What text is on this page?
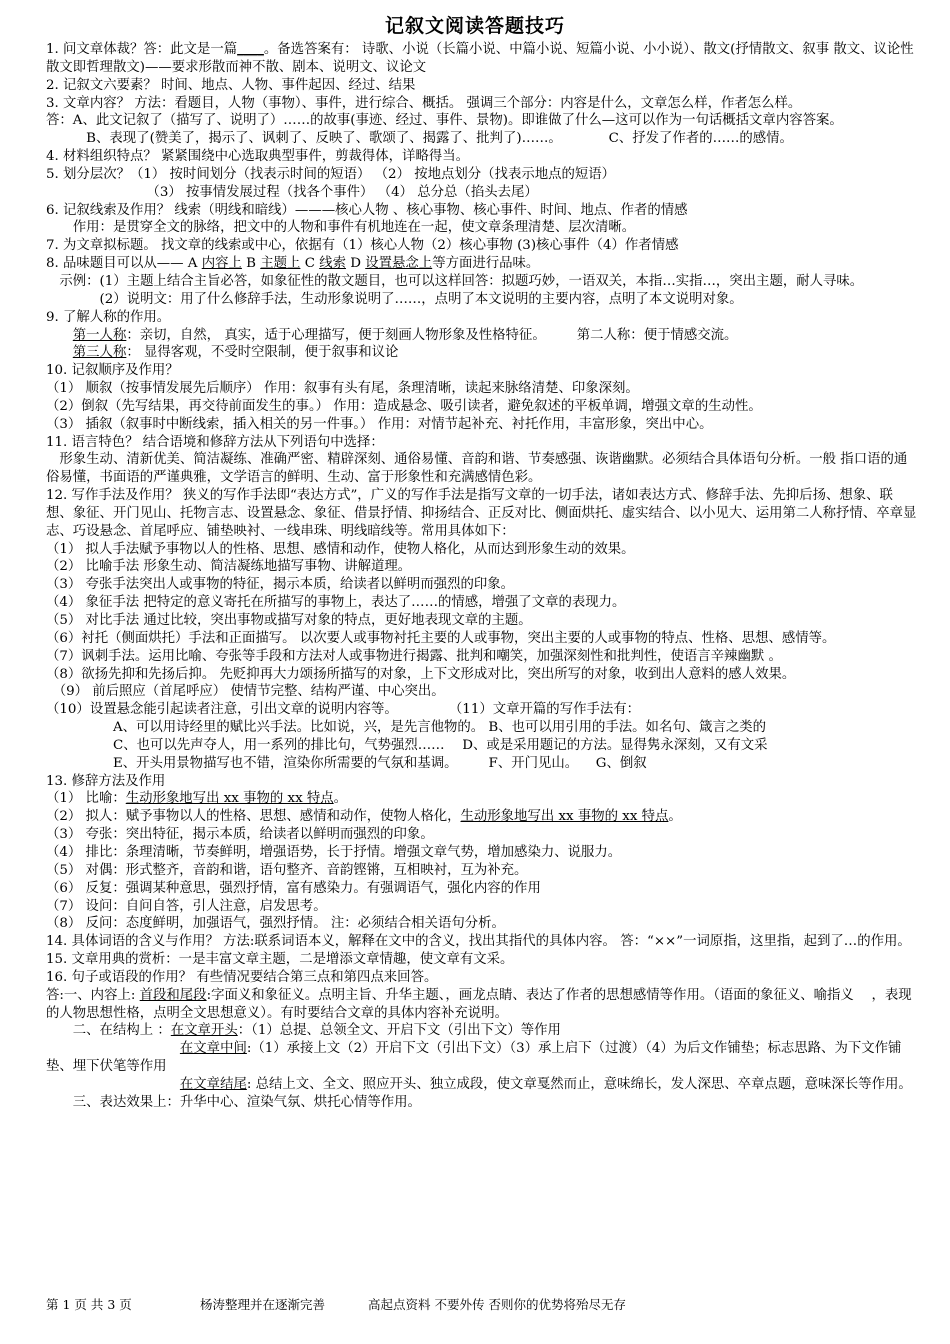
记叙文阅读答题技巧

1. 问文章体裁？答：此文是一篇____。备选答案有： 诗歌、小说（长篇小说、中篇小说、短篇小说、小小说）、散文(抒情散文、叙事 散文、议论性散文即哲理散文)——要求形散而神不散、剧本、说明文、议论文

2. 记叙文六要素？ 时间、地点、人物、事件起因、经过、结果

3. 文章内容？ 方法：看题目，人物（事物）、事件，进行综合、概括。 强调三个部分：内容是什么，文章怎么样，作者怎么样。

答：A、此文记叙了（描写了、说明了）……的故事(事迹、经过、事件、景物)。即谁做了什么—这可以作为一句话概括文章内容答案。

　　　B、表现了(赞美了，揭示了、讽刺了、反映了、歌颂了、揭露了、批判了)……。　　　　C、抒发了作者的……的感情。

4. 材料组织特点？ 紧紧围绕中心选取典型事件，剪裁得体，详略得当。

5. 划分层次？（1） 按时间划分（找表示时间的短语） （2） 按地点划分（找表示地点的短语）

　　　　　　　　（3） 按事情发展过程（找各个事件） （4） 总分总（掐头去尾）

6. 记叙线索及作用？ 线索（明线和暗线）———核心人物 、核心事物、核心事件、时间、地点、作者的情感

　　作用：是贯穿全文的脉络，把文中的人物和事件有机地连在一起，使文章条理清楚、层次清晰。

7. 为文章拟标题。 找文章的线索或中心，依据有（1）核心人物（2）核心事物 (3)核心事件（4）作者情感

8. 品味题目可以从—— A 内容上 B 主题上 C 线索 D 设置悬念上等方面进行品味。

　示例：(1）主题上结合主旨必答，如象征性的散文题目，也可以这样回答：拟题巧妙，一语双关，本指…实指…，突出主题，耐人寻味。

　　　　(2）说明文：用了什么修辞手法，生动形象说明了……，点明了本文说明的主要内容，点明了本文说明对象。

9. 了解人称的作用。

　　第一人称：亲切，自然， 真实，适于心理描写，便于刻画人物形象及性格特征。 　　第二人称：便于情感交流。

　　第三人称： 显得客观，不受时空限制，便于叙事和议论

10. 记叙顺序及作用？

（1） 顺叙（按事情发展先后顺序） 作用：叙事有头有尾，条理清晰，读起来脉络清楚、印象深刻。

（2）倒叙（先写结果，再交待前面发生的事。） 作用：造成悬念、吸引读者，避免叙述的平板单调，增强文章的生动性。

（3） 插叙（叙事时中断线索，插入相关的另一件事。） 作用：对情节起补充、衬托作用，丰富形象，突出中心。

11. 语言特色？ 结合语境和修辞方法从下列语句中选择：

　形象生动、清新优美、简洁凝练、准确严密、精辟深刻、通俗易懂、音韵和谐、节奏感强、诙谐幽默。必须结合具体语句分析。一般 指口语的通俗易懂，书面语的严谨典雅，文学语言的鲜明、生动、富于形象性和充满感情色彩。

12. 写作手法及作用？ 狭义的写作手法即“表达方式”，广义的写作手法是指写文章的一切手法，诸如表达方式、修辞手法、先抑后扬、想象、联想、象征、开门见山、托物言志、设置悬念、象征、借景抒情、抑扬结合、正反对比、侧面烘托、虚实结合、以小见大、运用第二人称抒情、卒章显志、巧设悬念、首尾呼应、铺垫映衬、一线串珠、明线暗线等。常用具体如下：

（1） 拟人手法赋予事物以人的性格、思想、感情和动作，使物人格化，从而达到形象生动的效果。

（2） 比喻手法 形象生动、简洁凝练地描写事物、讲解道理。

（3） 夸张手法突出人或事物的特征，揭示本质，给读者以鲜明而强烈的印象。

（4） 象征手法 把特定的意义寄托在所描写的事物上，表达了……的情感，增强了文章的表现力。

（5） 对比手法 通过比较，突出事物或描写对象的特点，更好地表现文章的主题。

（6）衬托（侧面烘托）手法和正面描写。 以次要人或事物衬托主要的人或事物，突出主要的人或事物的特点、性格、思想、感情等。

（7）讽刺手法。运用比喻、夸张等手段和方法对人或事物进行揭露、批判和嘲笑，加强深刻性和批判性，使语言辛辣幽默 。

（8）欲扬先抑和先扬后抑。 先贬抑再大力颂扬所描写的对象，上下文形成对比，突出所写的对象，收到出人意料的感人效果。

　（9） 前后照应（首尾呼应） 使情节完整、结构严谨、中心突出。

（10）设置悬念能引起读者注意，引出文章的说明内容等。 　　　　（11）文章开篇的写作手法有：

　　　　　A、可以用诗经里的赋比兴手法。比如说，兴，是先言他物的。 B、也可以用引用的手法。如名句、箴言之类的

　　　　　C、也可以先声夺人，用一系列的排比句，气势强烈…… 　D、或是采用题记的方法。显得隽永深刻，又有文采

　　　　　E、开头用景物描写也不错，渲染你所需要的气氛和基调。 　　F、开门见山。 　G、倒叙

13. 修辞方法及作用

（1） 比喻：生动形象地写出 xx 事物的 xx 特点。

（2） 拟人：赋予事物以人的性格、思想、感情和动作，使物人格化，生动形象地写出 xx 事物的 xx 特点。

（3） 夸张：突出特征，揭示本质，给读者以鲜明而强烈的印象。

（4） 排比：条理清晰，节奏鲜明，增强语势，长于抒情。增强文章气势，增加感染力、说服力。

（5） 对偶：形式整齐，音韵和谐，语句整齐、音韵铿锵，互相映衬，互为补充。

（6） 反复：强调某种意思，强烈抒情，富有感染力。有强调语气，强化内容的作用

（7） 设问：自问自答，引人注意，启发思考。

（8） 反问：态度鲜明，加强语气，强烈抒情。 注：必须结合相关语句分析。

14. 具体词语的含义与作用？ 方法:联系词语本义，解释在文中的含义，找出其指代的具体内容。 答：“××”一词原指，这里指，起到了…的作用。

15. 文章用典的赏析：一是丰富文章主题，二是增添文章情趣，使文章有文采。

16. 句子或语段的作用？ 有些情况要结合第三点和第四点来回答。

答:一、内容上: 首段和尾段:字面义和象征义。点明主旨、升华主题、，画龙点睛、表达了作者的思想感情等作用。（语面的象征义、喻指义 　，表现的人物思想性格，点明全文思想意义）。有时要结合文章的具体内容补充说明。

　　二、在结构上 ：在文章开头：（1）总提、总领全文、开启下文（引出下文）等作用

　　　　　　　　　　在文章中间:（1）承接上文（2）开启下文（引出下文）（3）承上启下（过渡）（4）为后文作铺垫；标志思路、为下文作铺垫、埋下伏笔等作用

　　　　　　　　　　在文章结尾: 总结上文、全文、照应开头、独立成段，使文章戛然而止，意味绵长，发人深思、卒章点题，意味深长等作用。

　　三、表达效果上：升华中心、渲染气氛、烘托心情等作用。

第 1 页 共 3 页	杨涛整理并在逐渐完善	高起点资料 不要外传 否则你的优势将殆尽无存
